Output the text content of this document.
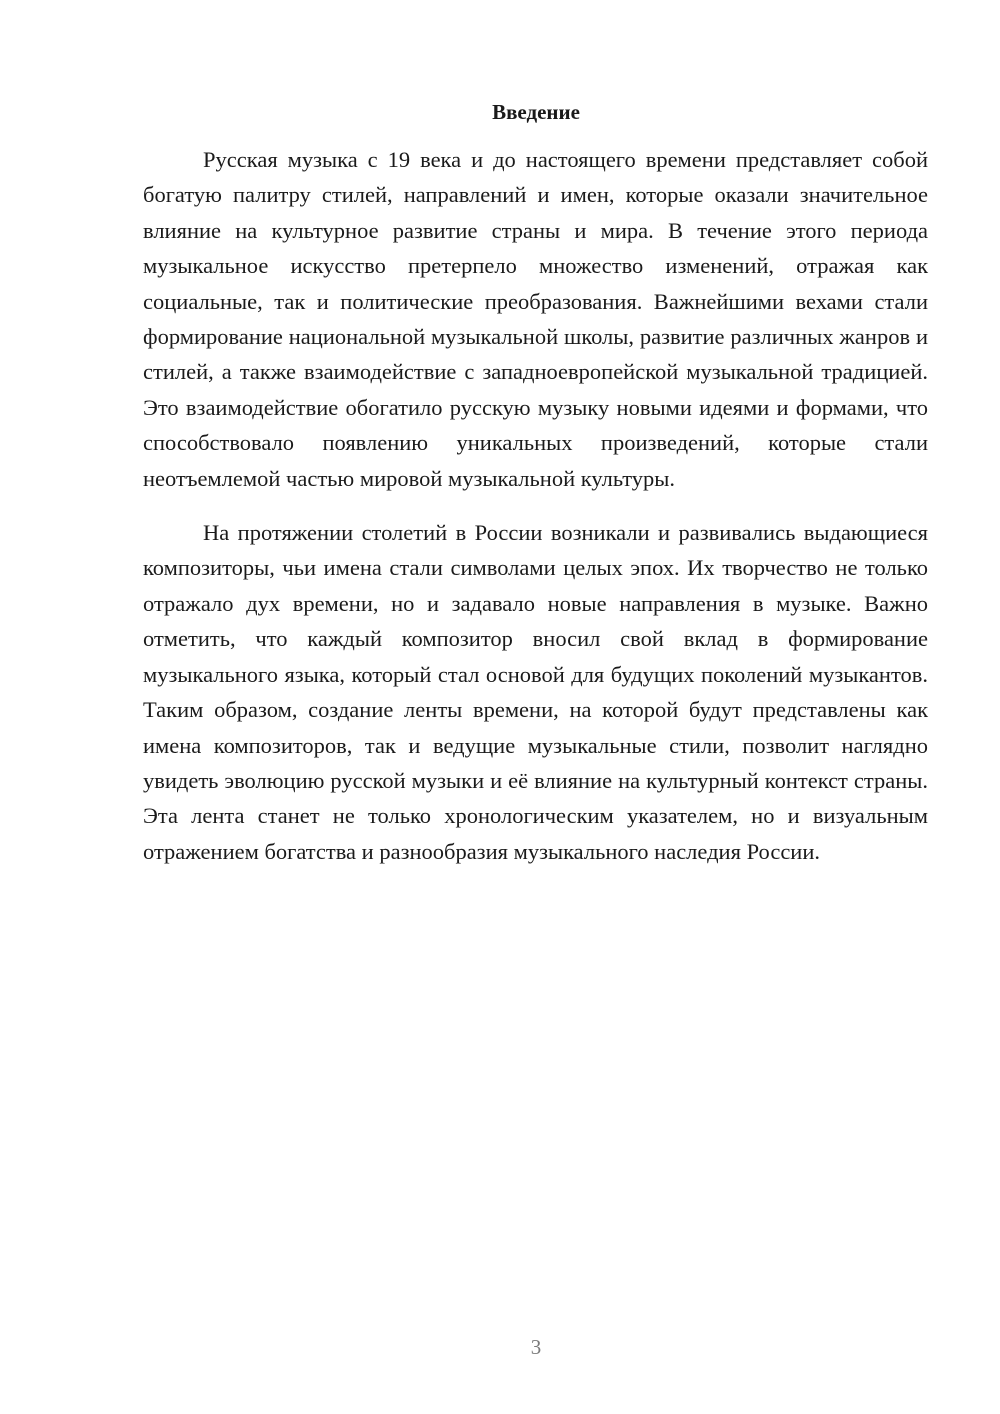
Введение

Русская музыка с 19 века и до настоящего времени представляет собой богатую палитру стилей, направлений и имен, которые оказали значительное влияние на культурное развитие страны и мира. В течение этого периода музыкальное искусство претерпело множество изменений, отражая как социальные, так и политические преобразования. Важнейшими вехами стали формирование национальной музыкальной школы, развитие различных жанров и стилей, а также взаимодействие с западноевропейской музыкальной традицией. Это взаимодействие обогатило русскую музыку новыми идеями и формами, что способствовало появлению уникальных произведений, которые стали неотъемлемой частью мировой музыкальной культуры.

На протяжении столетий в России возникали и развивались выдающиеся композиторы, чьи имена стали символами целых эпох. Их творчество не только отражало дух времени, но и задавало новые направления в музыке. Важно отметить, что каждый композитор вносил свой вклад в формирование музыкального языка, который стал основой для будущих поколений музыкантов. Таким образом, создание ленты времени, на которой будут представлены как имена композиторов, так и ведущие музыкальные стили, позволит наглядно увидеть эволюцию русской музыки и её влияние на культурный контекст страны. Эта лента станет не только хронологическим указателем, но и визуальным отражением богатства и разнообразия музыкального наследия России.

3
